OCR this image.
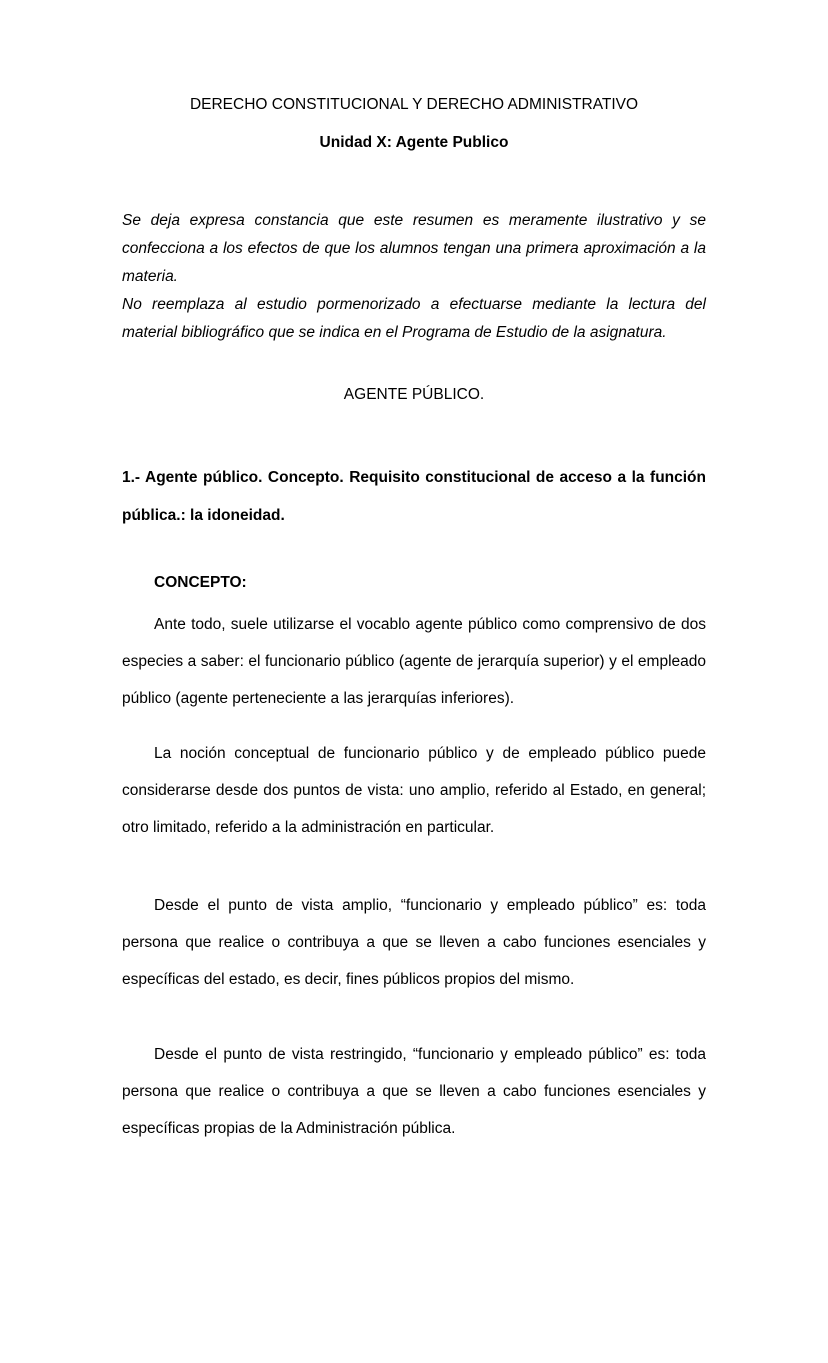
DERECHO CONSTITUCIONAL Y DERECHO ADMINISTRATIVO

Unidad X: Agente Publico

Se deja expresa constancia que este resumen es meramente ilustrativo y se confecciona a los efectos de que los alumnos tengan una primera aproximación a la materia.

No reemplaza al estudio pormenorizado a efectuarse mediante la lectura del material bibliográfico que se indica en el Programa de Estudio de la asignatura.

AGENTE PÚBLICO.

1.- Agente público. Concepto. Requisito constitucional de acceso a la función pública.: la idoneidad.

CONCEPTO:

Ante todo, suele utilizarse el vocablo agente público como comprensivo de dos especies a saber: el funcionario público (agente de jerarquía superior) y el empleado público (agente perteneciente a las jerarquías inferiores).

La noción conceptual de funcionario público y de empleado público puede considerarse desde dos puntos de vista: uno amplio, referido al Estado, en general; otro limitado, referido a la administración en particular.

Desde el punto de vista amplio, “funcionario y empleado público” es: toda persona que realice o contribuya a que se lleven a cabo funciones esenciales y específicas del estado, es decir, fines públicos propios del mismo.

Desde el punto de vista restringido, “funcionario y empleado público” es: toda persona que realice o contribuya a que se lleven a cabo funciones esenciales y específicas propias de la Administración pública.
